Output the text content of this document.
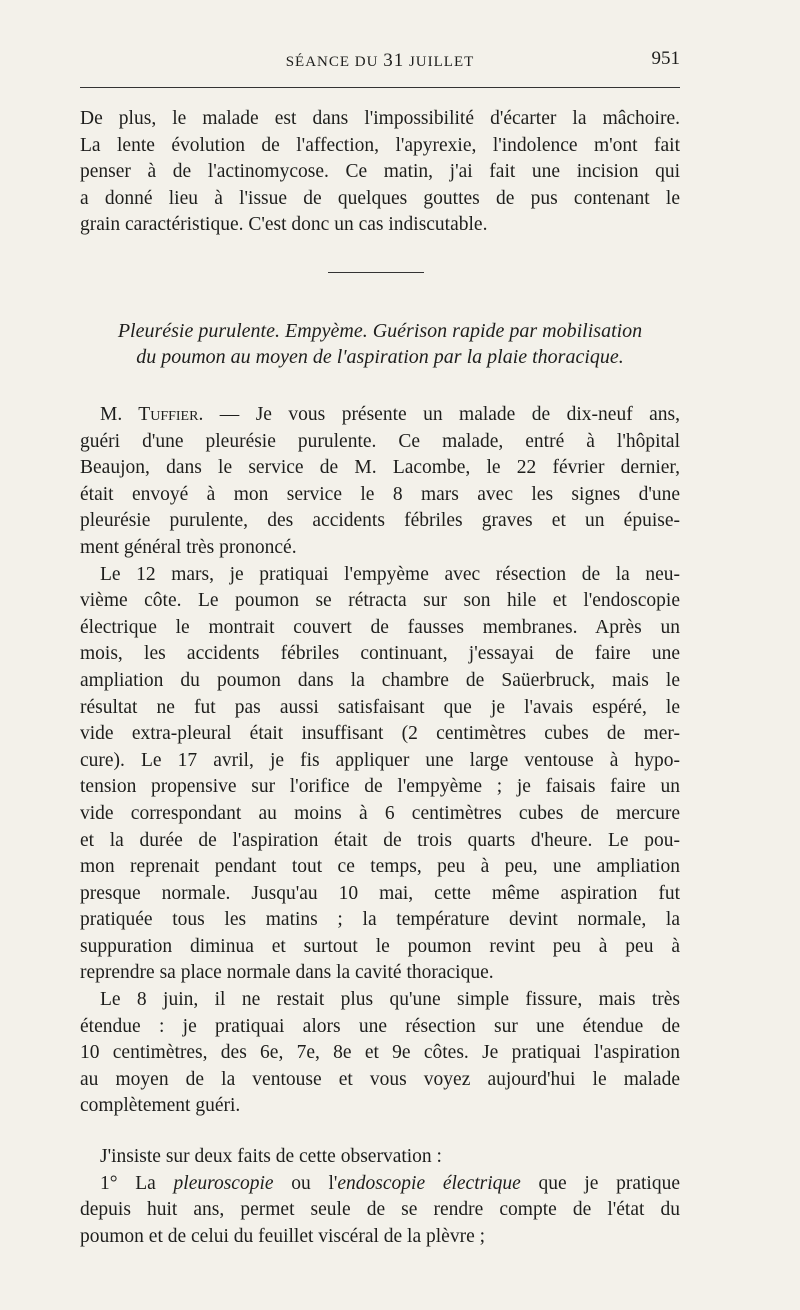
SÉANCE DU 31 JUILLET	951
De plus, le malade est dans l'impossibilité d'écarter la mâchoire.
La lente évolution de l'affection, l'apyrexie, l'indolence m'ont fait
penser à de l'actinomycose. Ce matin, j'ai fait une incision qui
a donné lieu à l'issue de quelques gouttes de pus contenant le
grain caractéristique. C'est donc un cas indiscutable.
Pleurésie purulente. Empyème. Guérison rapide par mobilisation
du poumon au moyen de l'aspiration par la plaie thoracique.
M. Tuffier. — Je vous présente un malade de dix-neuf ans,
guéri d'une pleurésie purulente. Ce malade, entré à l'hôpital
Beaujon, dans le service de M. Lacombe, le 22 février dernier,
était envoyé à mon service le 8 mars avec les signes d'une
pleurésie purulente, des accidents fébriles graves et un épuise-
ment général très prononcé.
Le 12 mars, je pratiquai l'empyème avec résection de la neu-
vième côte. Le poumon se rétracta sur son hile et l'endoscopie
électrique le montrait couvert de fausses membranes. Après un
mois, les accidents fébriles continuant, j'essayai de faire une
ampliation du poumon dans la chambre de Saüerbruck, mais le
résultat ne fut pas aussi satisfaisant que je l'avais espéré, le
vide extra-pleural était insuffisant (2 centimètres cubes de mer-
cure). Le 17 avril, je fis appliquer une large ventouse à hypo-
tension propensive sur l'orifice de l'empyème ; je faisais faire un
vide correspondant au moins à 6 centimètres cubes de mercure
et la durée de l'aspiration était de trois quarts d'heure. Le pou-
mon reprenait pendant tout ce temps, peu à peu, une ampliation
presque normale. Jusqu'au 10 mai, cette même aspiration fut
pratiquée tous les matins ; la température devint normale, la
suppuration diminua et surtout le poumon revint peu à peu à
reprendre sa place normale dans la cavité thoracique.
Le 8 juin, il ne restait plus qu'une simple fissure, mais très
étendue : je pratiquai alors une résection sur une étendue de
10 centimètres, des 6e, 7e, 8e et 9e côtes. Je pratiquai l'aspiration
au moyen de la ventouse et vous voyez aujourd'hui le malade
complètement guéri.
J'insiste sur deux faits de cette observation :
1° La pleuroscopie ou l'endoscopie électrique que je pratique
depuis huit ans, permet seule de se rendre compte de l'état du
poumon et de celui du feuillet viscéral de la plèvre ;
